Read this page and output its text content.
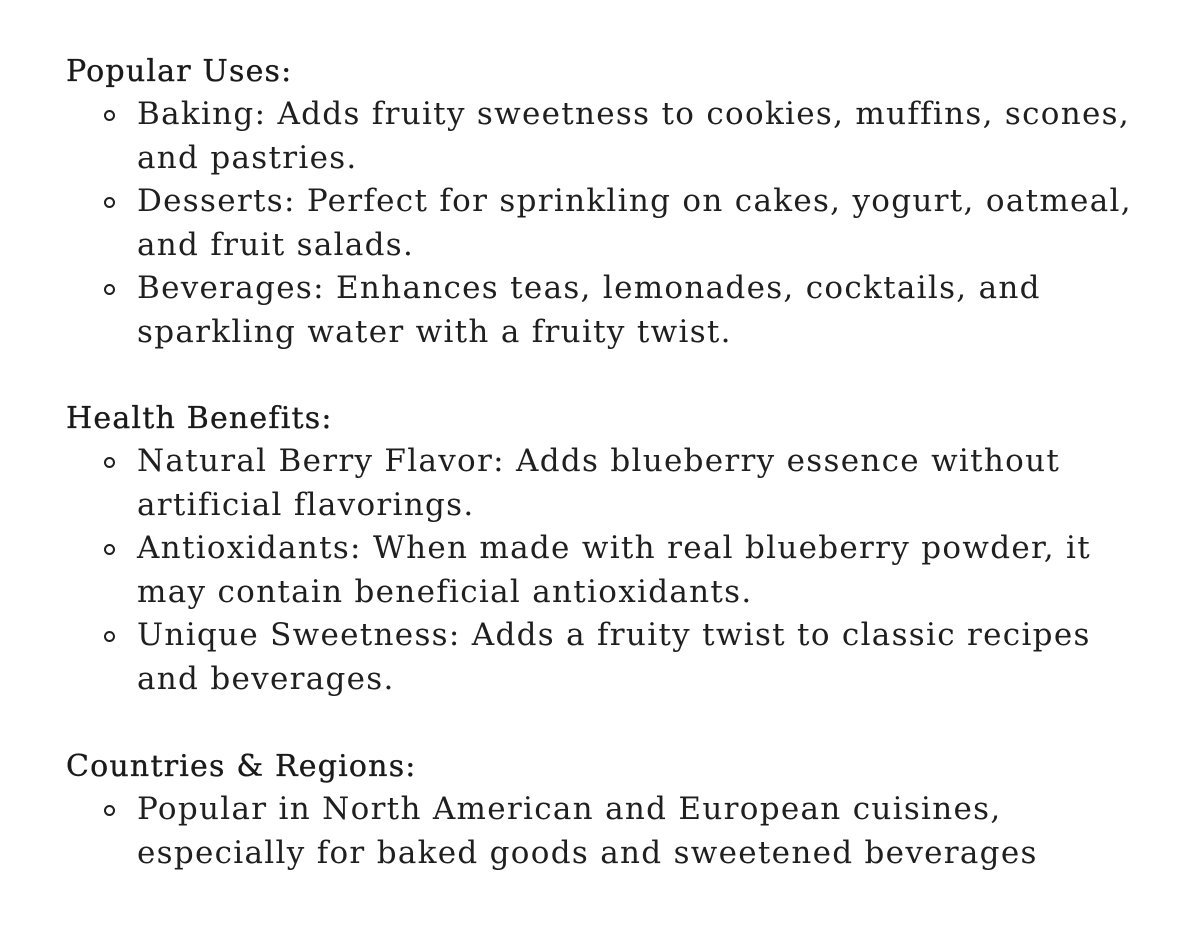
Popular Uses:
Baking: Adds fruity sweetness to cookies, muffins, scones, and pastries.
Desserts: Perfect for sprinkling on cakes, yogurt, oatmeal, and fruit salads.
Beverages: Enhances teas, lemonades, cocktails, and sparkling water with a fruity twist.
Health Benefits:
Natural Berry Flavor: Adds blueberry essence without artificial flavorings.
Antioxidants: When made with real blueberry powder, it may contain beneficial antioxidants.
Unique Sweetness: Adds a fruity twist to classic recipes and beverages.
Countries & Regions:
Popular in North American and European cuisines, especially for baked goods and sweetened beverages
